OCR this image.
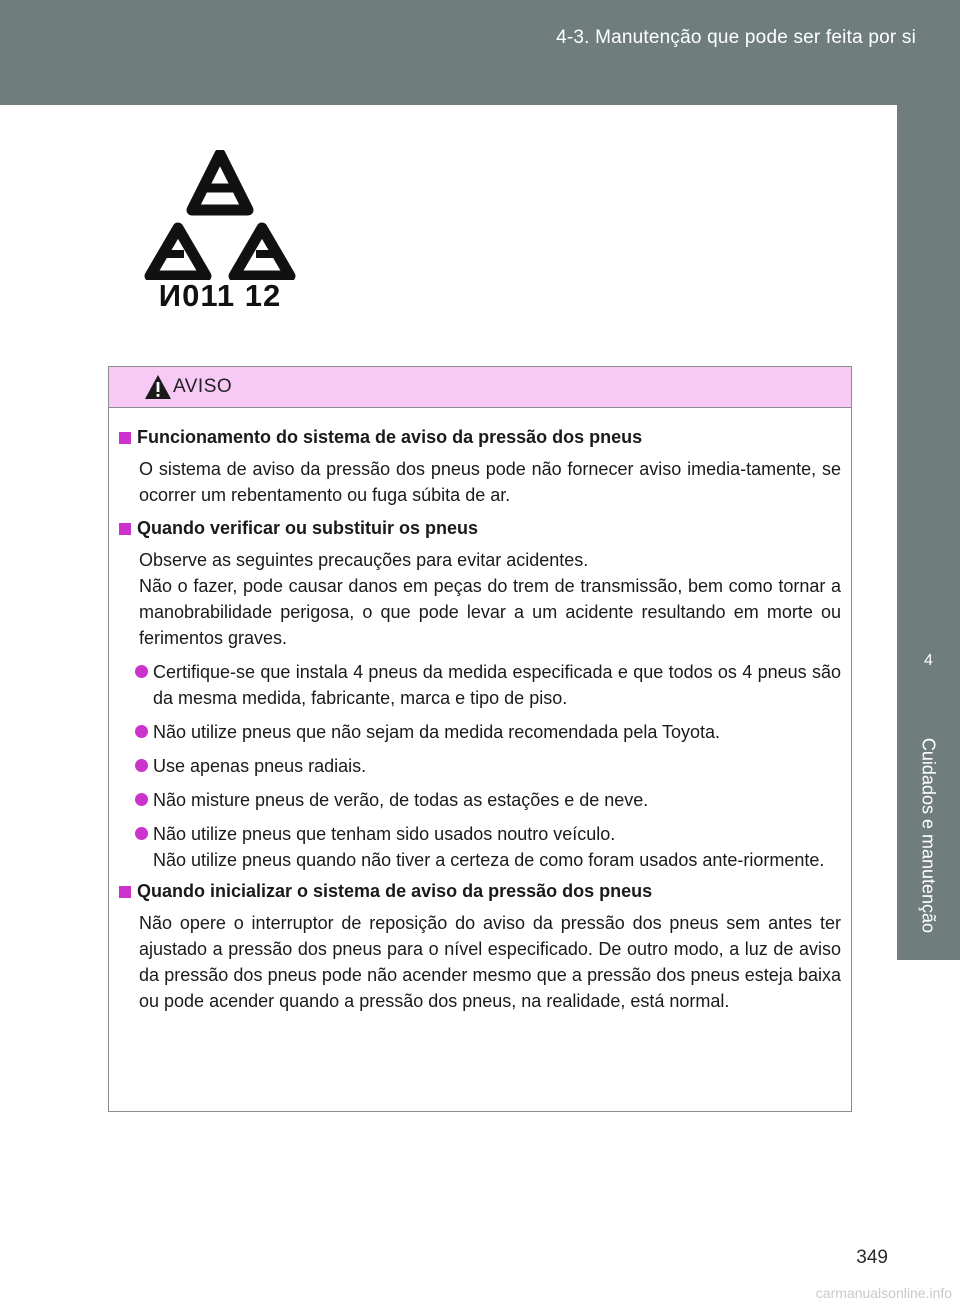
4-3. Manutenção que pode ser feita por si
4
Cuidados e manutenção
И011 12
AVISO
Funcionamento do sistema de aviso da pressão dos pneus
O sistema de aviso da pressão dos pneus pode não fornecer aviso imedia-tamente, se ocorrer um rebentamento ou fuga súbita de ar.
Quando verificar ou substituir os pneus
Observe as seguintes precauções para evitar acidentes.
Não o fazer, pode causar danos em peças do trem de transmissão, bem como tornar a manobrabilidade perigosa, o que pode levar a um acidente resultando em morte ou ferimentos graves.
Certifique-se que instala 4 pneus da medida especificada e que todos os 4 pneus são da mesma medida, fabricante, marca e tipo de piso.
Não utilize pneus que não sejam da medida recomendada pela Toyota.
Use apenas pneus radiais.
Não misture pneus de verão, de todas as estações e de neve.
Não utilize pneus que tenham sido usados noutro veículo.
Não utilize pneus quando não tiver a certeza de como foram usados ante-riormente.
Quando inicializar o sistema de aviso da pressão dos pneus
Não opere o interruptor de reposição do aviso da pressão dos pneus sem antes ter ajustado a pressão dos pneus para o nível especificado. De outro modo, a luz de aviso da pressão dos pneus pode não acender mesmo que a pressão dos pneus esteja baixa ou pode acender quando a pressão dos pneus, na realidade, está normal.
349
carmanualsonline.info
